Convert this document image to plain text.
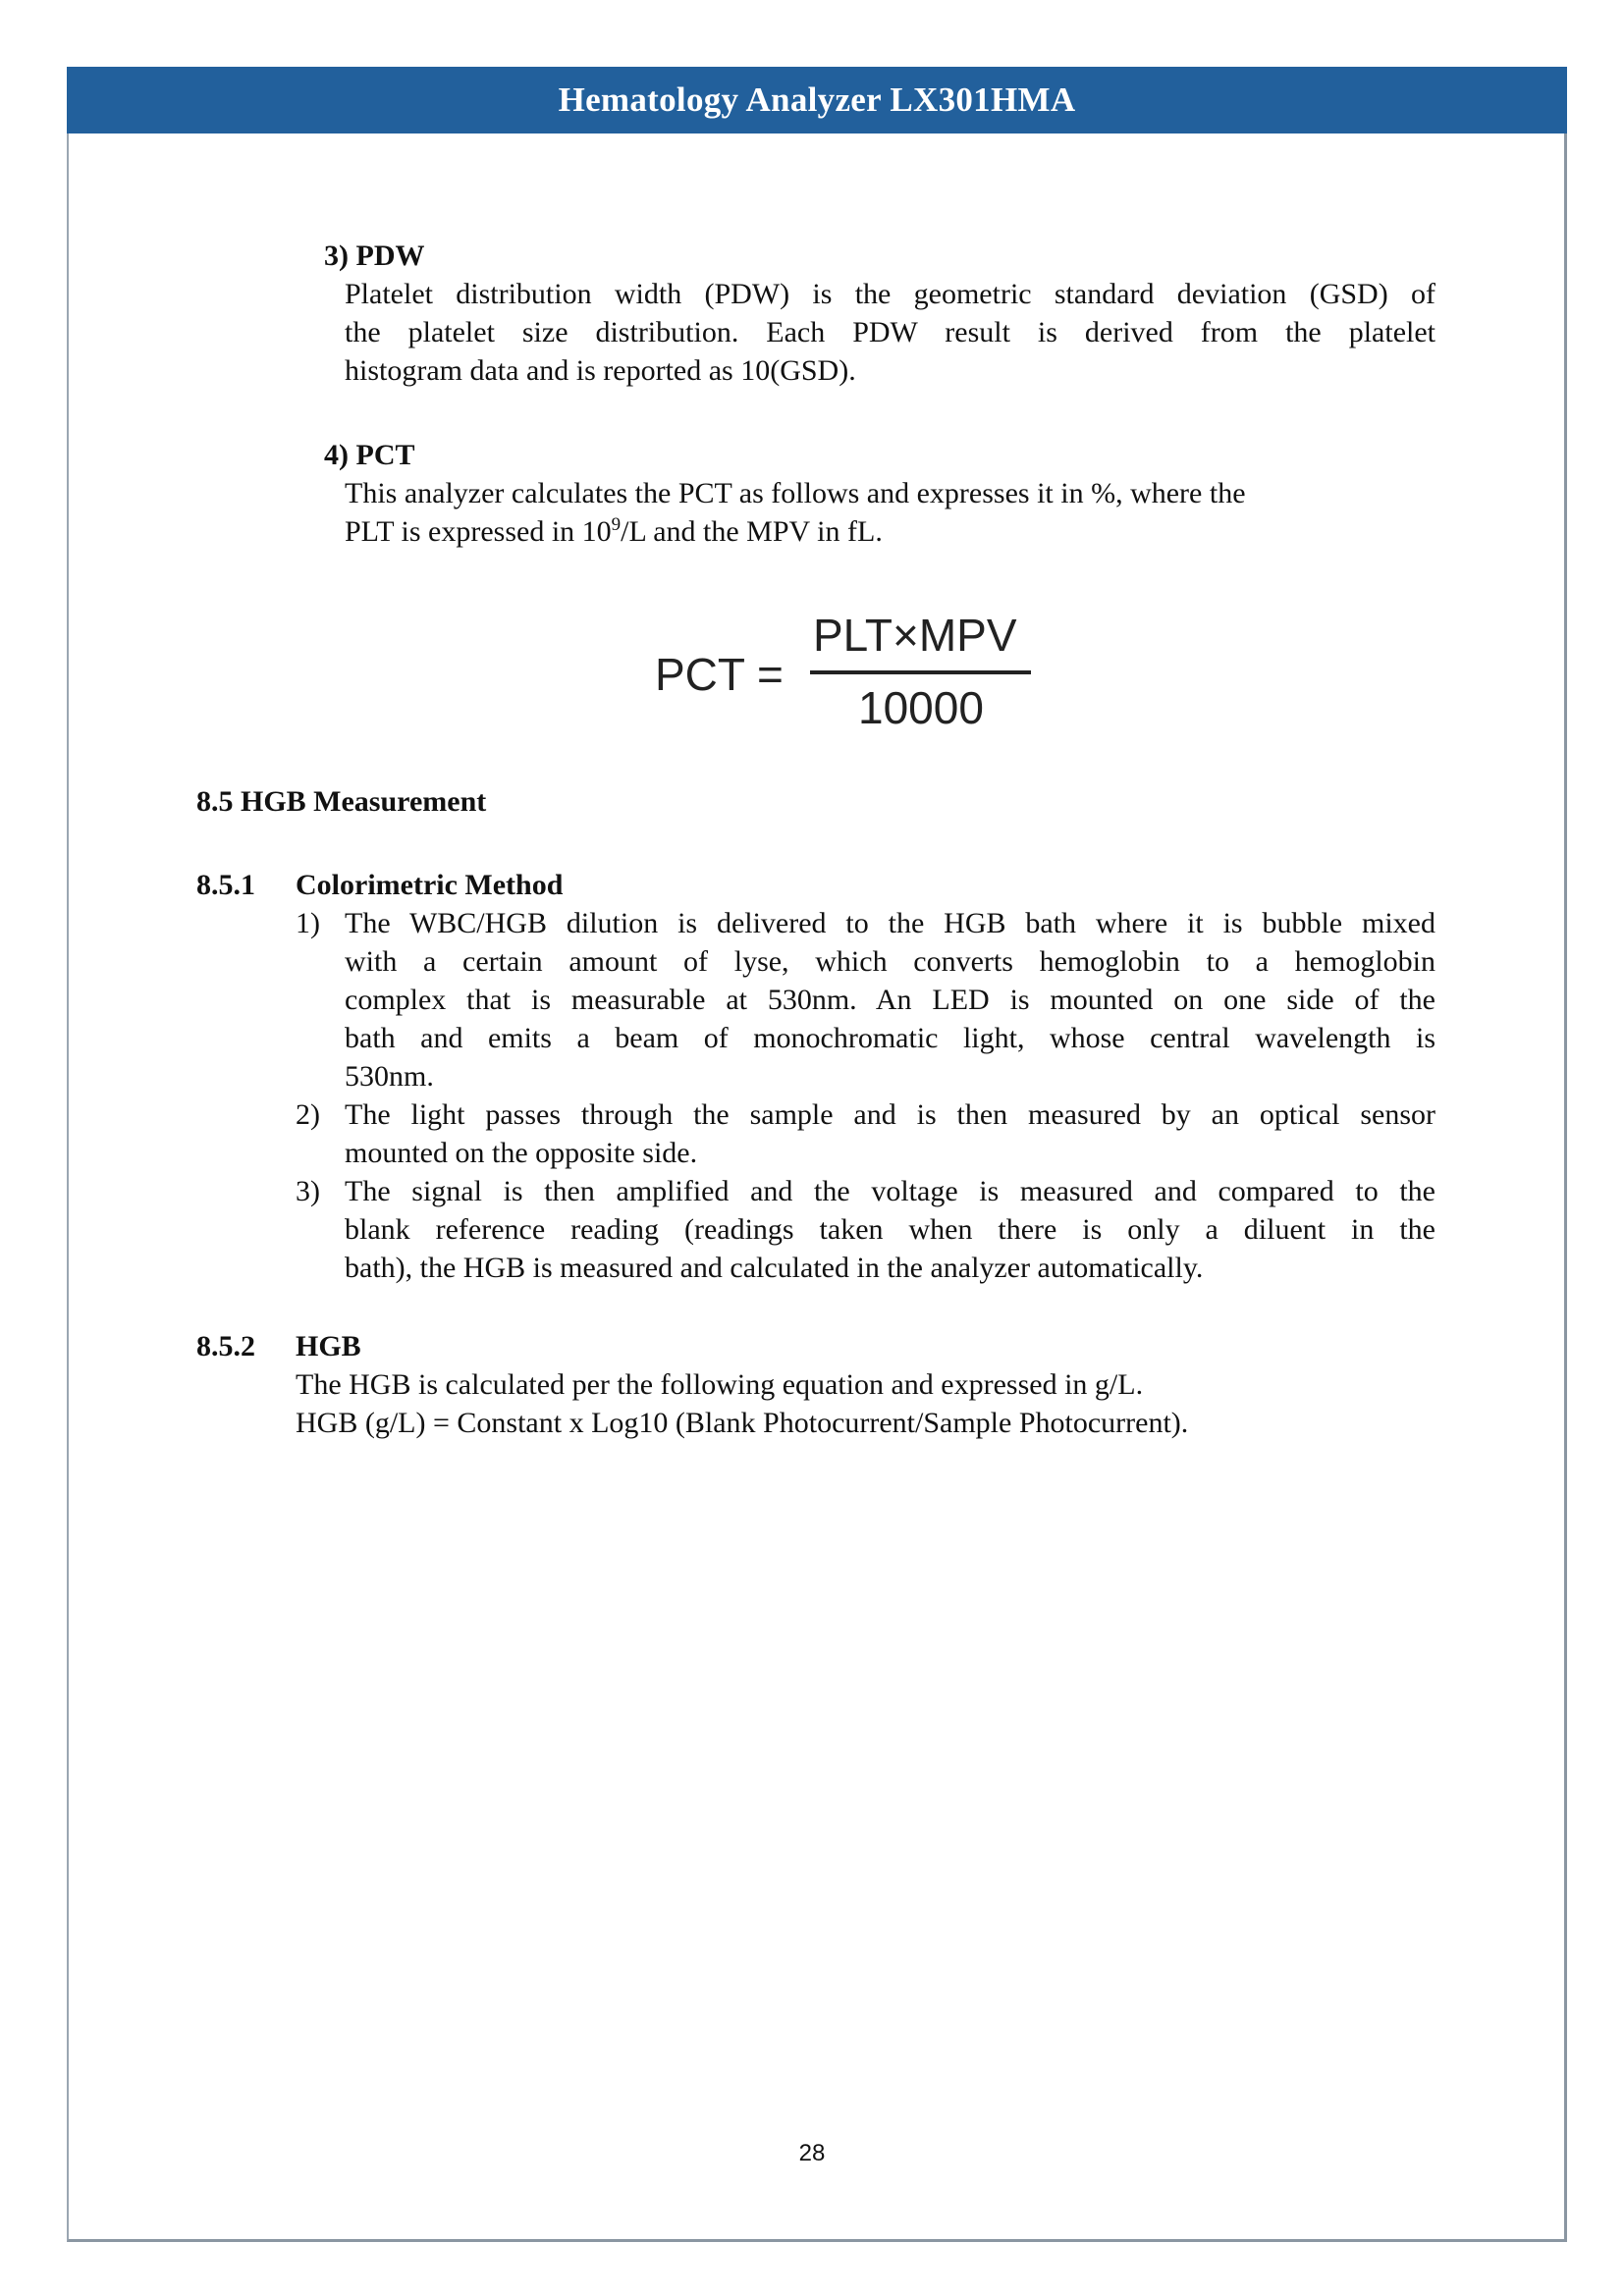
Hematology Analyzer LX301HMA
3) PDW
Platelet distribution width (PDW) is the geometric standard deviation (GSD) of
the platelet size distribution. Each PDW result is derived from the platelet
histogram data and is reported as 10(GSD).
4) PCT
This analyzer calculates the PCT as follows and expresses it in %, where the
PLT is expressed in $10^9/L$ and the MPV in fL.
PCT =
PLT×MPV
10000
8.5 HGB Measurement
8.5.1 Colorimetric Method
1) The WBC/HGB dilution is delivered to the HGB bath where it is bubble mixed
with a certain amount of lyse, which converts hemoglobin to a hemoglobin
complex that is measurable at 530nm. An LED is mounted on one side of the
bath and emits a beam of monochromatic light, whose central wavelength is
530nm.
2) The light passes through the sample and is then measured by an optical sensor
mounted on the opposite side.
3) The signal is then amplified and the voltage is measured and compared to the
blank reference reading (readings taken when there is only a diluent in the
bath), the HGB is measured and calculated in the analyzer automatically.
8.5.2 HGB
The HGB is calculated per the following equation and expressed in g/L.
HGB (g/L) = Constant x Log10 (Blank Photocurrent/Sample Photocurrent).
28
